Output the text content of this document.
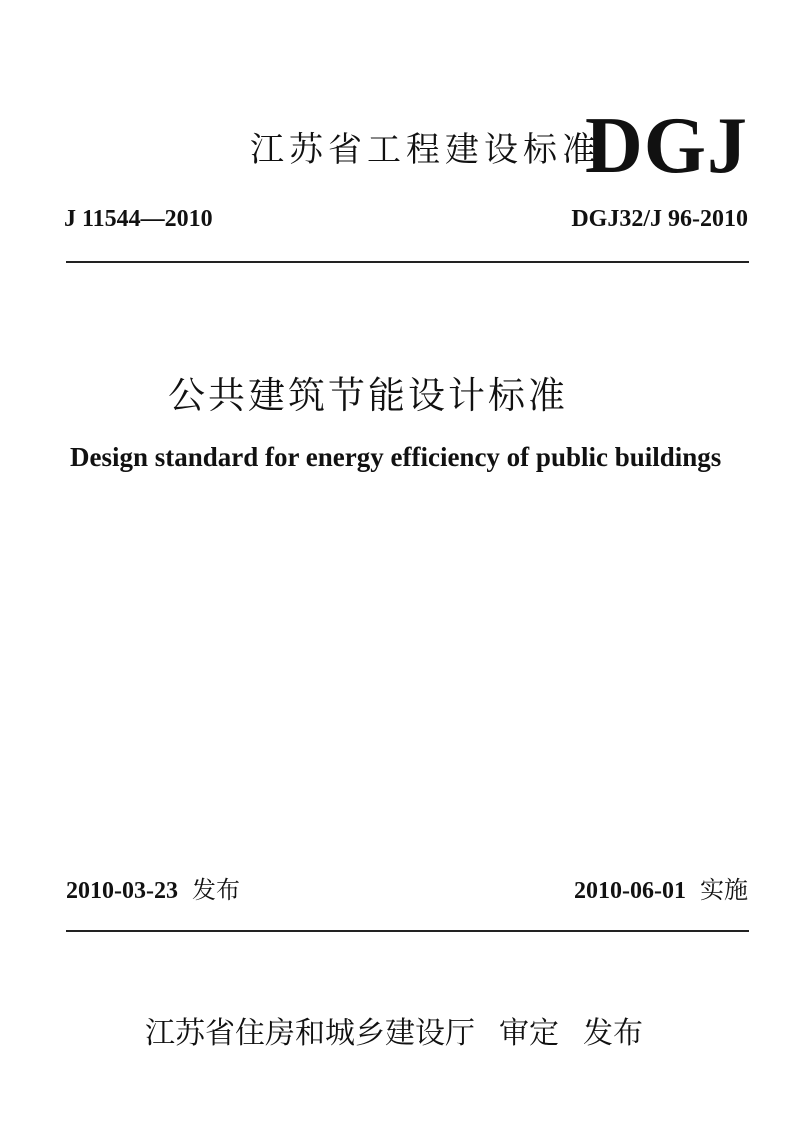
江苏省工程建设标准
DGJ
J 11544—2010	DGJ32/J 96-2010
公共建筑节能设计标准
Design standard for energy efficiency of public buildings
2010-03-23 发布	2010-06-01 实施
江苏省住房和城乡建设厅 审定 发布
